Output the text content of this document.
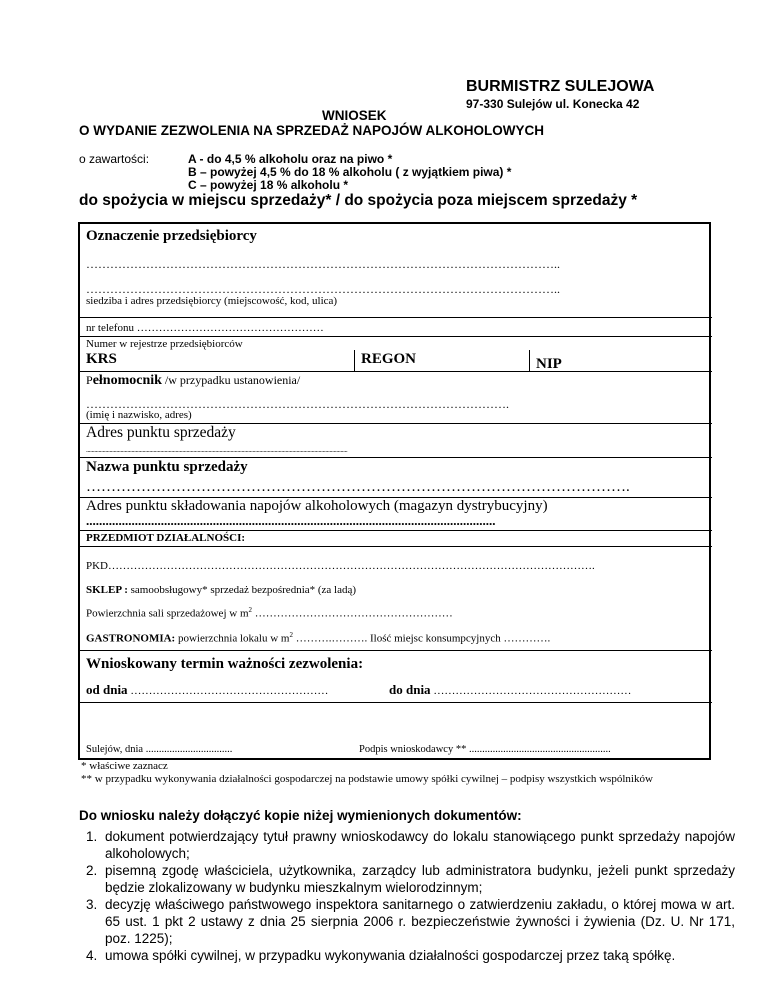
BURMISTRZ SULEJOWA
97-330 Sulejów ul. Konecka 42
WNIOSEK
O WYDANIE ZEZWOLENIA NA SPRZEDAŻ NAPOJÓW ALKOHOLOWYCH
o zawartości:	A - do 4,5 % alkoholu oraz na piwo *
B – powyżej 4,5 % do 18 % alkoholu ( z wyjątkiem piwa) *
C – powyżej 18 % alkoholu *
do spożycia w miejscu sprzedaży* / do spożycia poza miejscem sprzedaży *
Oznaczenie przedsiębiorcy
………………………………………………………………………………………………………..
………………………………………………………………………………………………………..
siedziba i adres przedsiębiorcy (miejscowość, kod, ulica)
nr telefonu ……………………………………………
Numer w rejestrze przedsiębiorców
KRS	REGON	NIP
Pełnomocnik /w przypadku ustanowienia/
…………………………………………………………………………………………….
(imię i nazwisko, adres)
Adres punktu sprzedaży
..............................................................................................................................................................................................
Nazwa punktu sprzedaży
……………………………………………………………………………………………….
Adres punktu składowania napojów alkoholowych (magazyn dystrybucyjny)
..............................................................................................................................
PRZEDMIOT DZIAŁALNOŚCI:
PKD…………………………………………………………………………………………………………………….
SKLEP : samoobsługowy* sprzedaż bezpośrednia* (za ladą)
Powierzchnia sali sprzedażowej w $m^2$ ………………………………………………
GASTRONOMIA: powierzchnia lokalu w $m^2$ ……….………. Ilość miejsc konsumpcyjnych ………….
Wnioskowany termin ważności zezwolenia:
od dnia ………………………………………………	do dnia ………………………………………………
Sulejów, dnia .................................	Podpis wnioskodawcy ** ......................................................
* właściwe zaznacz
** w przypadku wykonywania działalności gospodarczej na podstawie umowy spółki cywilnej – podpisy wszystkich wspólników
Do wniosku należy dołączyć kopie niżej wymienionych dokumentów:
1. dokument potwierdzający tytuł prawny wnioskodawcy do lokalu stanowiącego punkt sprzedaży napojów alkoholowych;
2. pisemną zgodę właściciela, użytkownika, zarządcy lub administratora budynku, jeżeli punkt sprzedaży będzie zlokalizowany w budynku mieszkalnym wielorodzinnym;
3. decyzję właściwego państwowego inspektora sanitarnego o zatwierdzeniu zakładu, o której mowa w art. 65 ust. 1 pkt 2 ustawy z dnia 25 sierpnia 2006 r. bezpieczeństwie żywności i żywienia (Dz. U. Nr 171, poz. 1225);
4. umowa spółki cywilnej, w przypadku wykonywania działalności gospodarczej przez taką spółkę.
